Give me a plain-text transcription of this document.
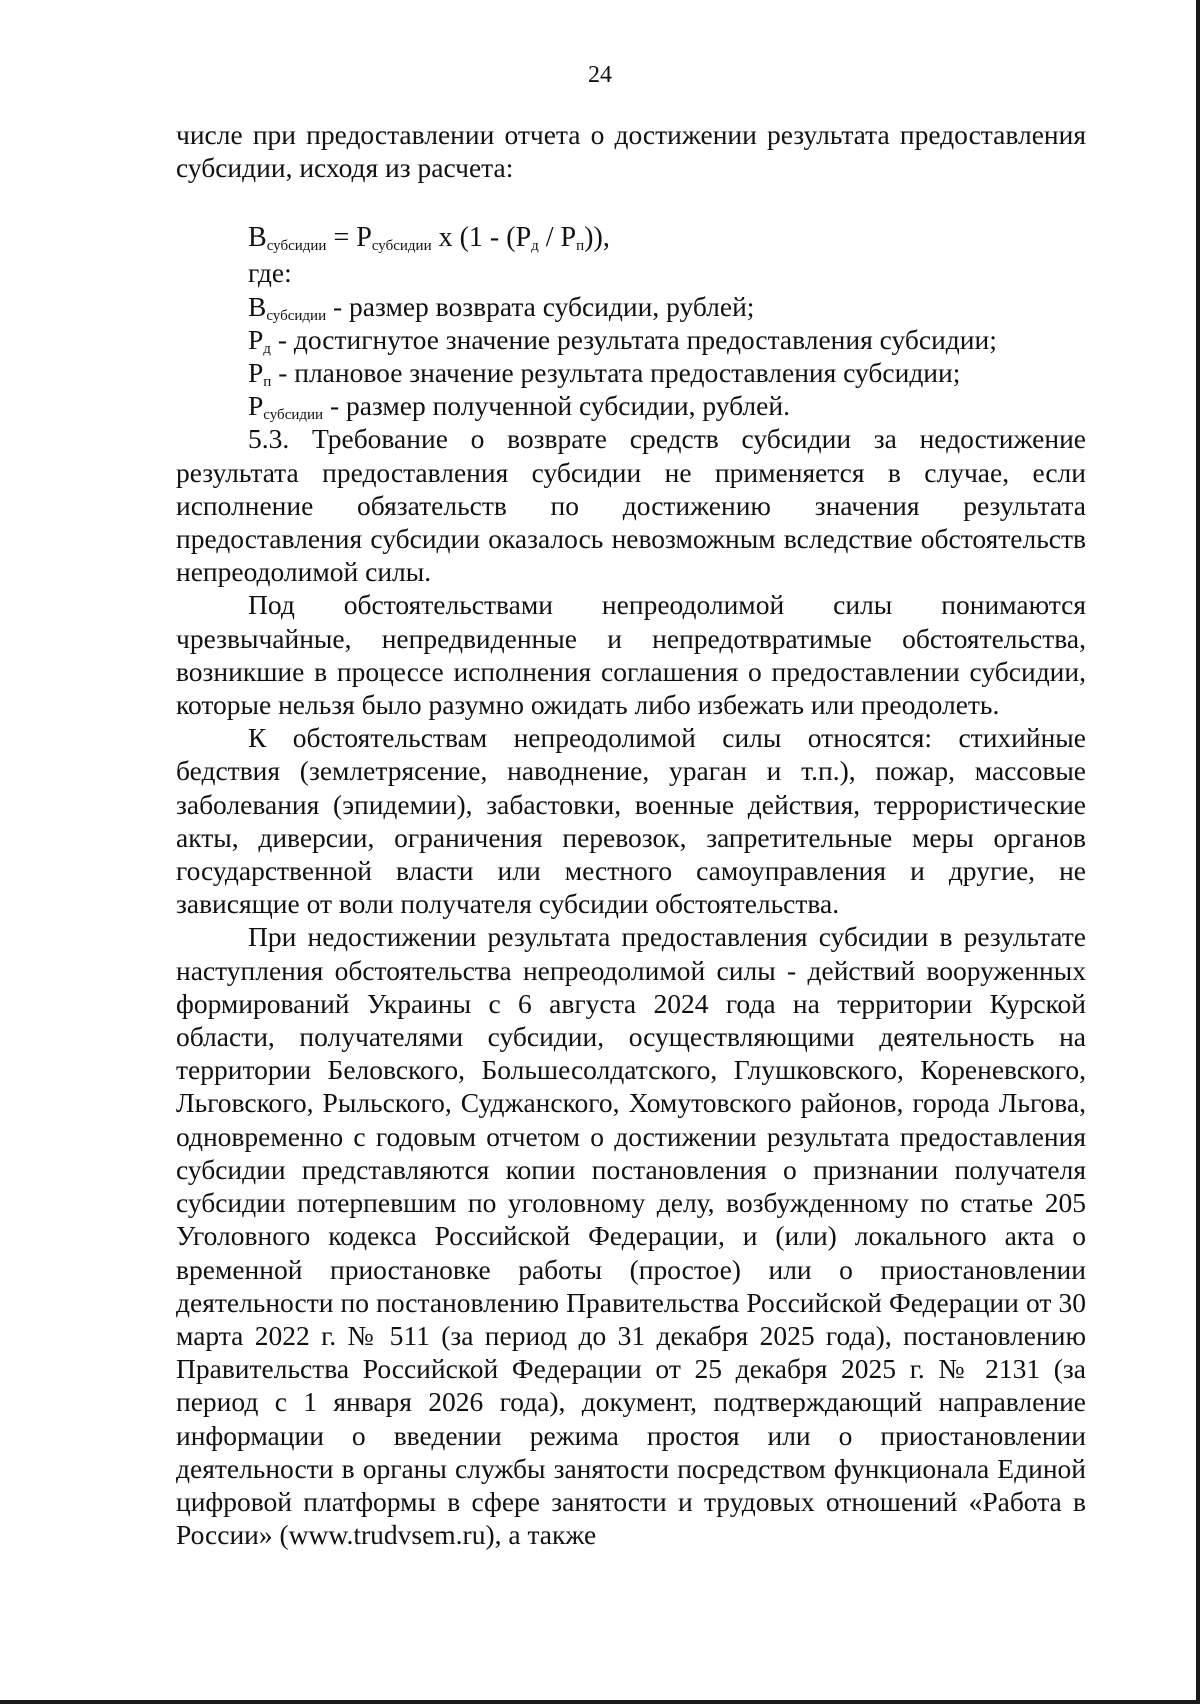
24

числе при предоставлении отчета о достижении результата предоставления субсидии, исходя из расчета:

$B_{субсидии} = P_{субсидии}$ x $(1 - (P_д / P_п))$,

где:

$B_{субсидии}$ - размер возврата субсидии, рублей;

$P_д$ - достигнутое значение результата предоставления субсидии;

$P_п$ - плановое значение результата предоставления субсидии;

$P_{субсидии}$ - размер полученной субсидии, рублей.

5.3. Требование о возврате средств субсидии за недостижение результата предоставления субсидии не применяется в случае, если исполнение обязательств по достижению значения результата предоставления субсидии оказалось невозможным вследствие обстоятельств непреодолимой силы.

Под обстоятельствами непреодолимой силы понимаются чрезвычайные, непредвиденные и непредотвратимые обстоятельства, возникшие в процессе исполнения соглашения о предоставлении субсидии, которые нельзя было разумно ожидать либо избежать или преодолеть.

К обстоятельствам непреодолимой силы относятся: стихийные бедствия (землетрясение, наводнение, ураган и т.п.), пожар, массовые заболевания (эпидемии), забастовки, военные действия, террористические акты, диверсии, ограничения перевозок, запретительные меры органов государственной власти или местного самоуправления и другие, не зависящие от воли получателя субсидии обстоятельства.

При недостижении результата предоставления субсидии в результате наступления обстоятельства непреодолимой силы - действий вооруженных формирований Украины с 6 августа 2024 года на территории Курской области, получателями субсидии, осуществляющими деятельность на территории Беловского, Большесолдатского, Глушковского, Кореневского, Льговского, Рыльского, Суджанского, Хомутовского районов, города Льгова, одновременно с годовым отчетом о достижении результата предоставления субсидии представляются копии постановления о признании получателя субсидии потерпевшим по уголовному делу, возбужденному по статье 205 Уголовного кодекса Российской Федерации, и (или) локального акта о временной приостановке работы (простое) или о приостановлении деятельности по постановлению Правительства Российской Федерации от 30 марта 2022 г. № 511 (за период до 31 декабря 2025 года), постановлению Правительства Российской Федерации от 25 декабря 2025 г. № 2131 (за период с 1 января 2026 года), документ, подтверждающий направление информации о введении режима простоя или о приостановлении деятельности в органы службы занятости посредством функционала Единой цифровой платформы в сфере занятости и трудовых отношений «Работа в России» (www.trudvsem.ru), а также
